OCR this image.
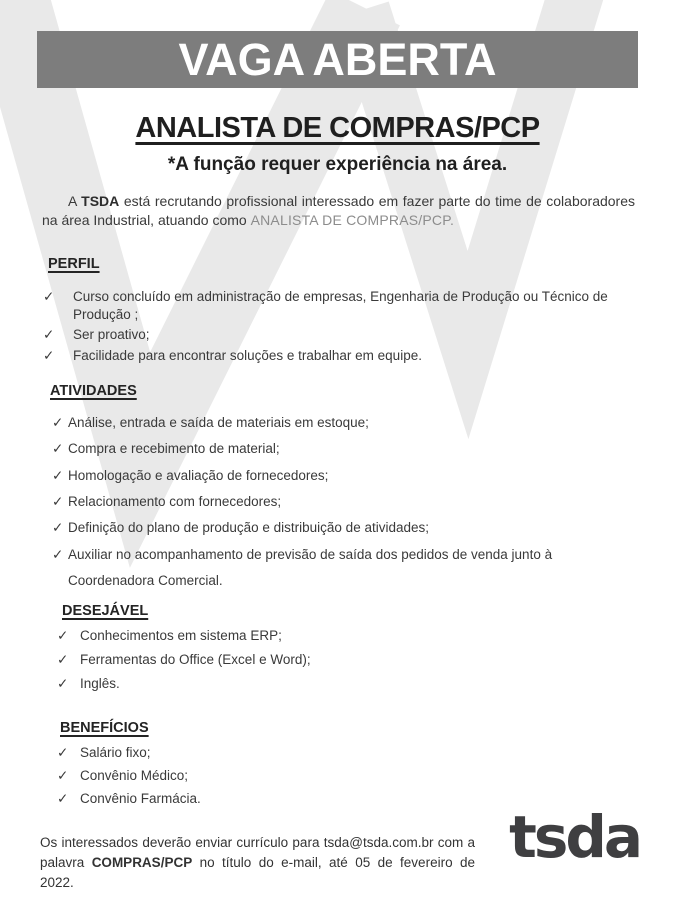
VAGA ABERTA
ANALISTA DE COMPRAS/PCP
*A função requer experiência na área.

A TSDA está recrutando profissional interessado em fazer parte do time de colaboradores na área Industrial, atuando como ANALISTA DE COMPRAS/PCP.

PERFIL
✓ Curso concluído em administração de empresas, Engenharia de Produção ou Técnico de Produção ;
✓ Ser proativo;
✓ Facilidade para encontrar soluções e trabalhar em equipe.
ATIVIDADES
✓ Análise, entrada e saída de materiais em estoque;
✓ Compra e recebimento de material;
✓ Homologação e avaliação de fornecedores;
✓ Relacionamento com fornecedores;
✓ Definição do plano de produção e distribuição de atividades;
✓ Auxiliar no acompanhamento de previsão de saída dos pedidos de venda junto à Coordenadora Comercial.
DESEJÁVEL
✓ Conhecimentos em sistema ERP;
✓ Ferramentas do Office (Excel e Word);
✓ Inglês.
BENEFÍCIOS
✓ Salário fixo;
✓ Convênio Médico;
✓ Convênio Farmácia.

Os interessados deverão enviar currículo para tsda@tsda.com.br com a palavra COMPRAS/PCP no título do e-mail, até 05 de fevereiro de 2022.

tsda
